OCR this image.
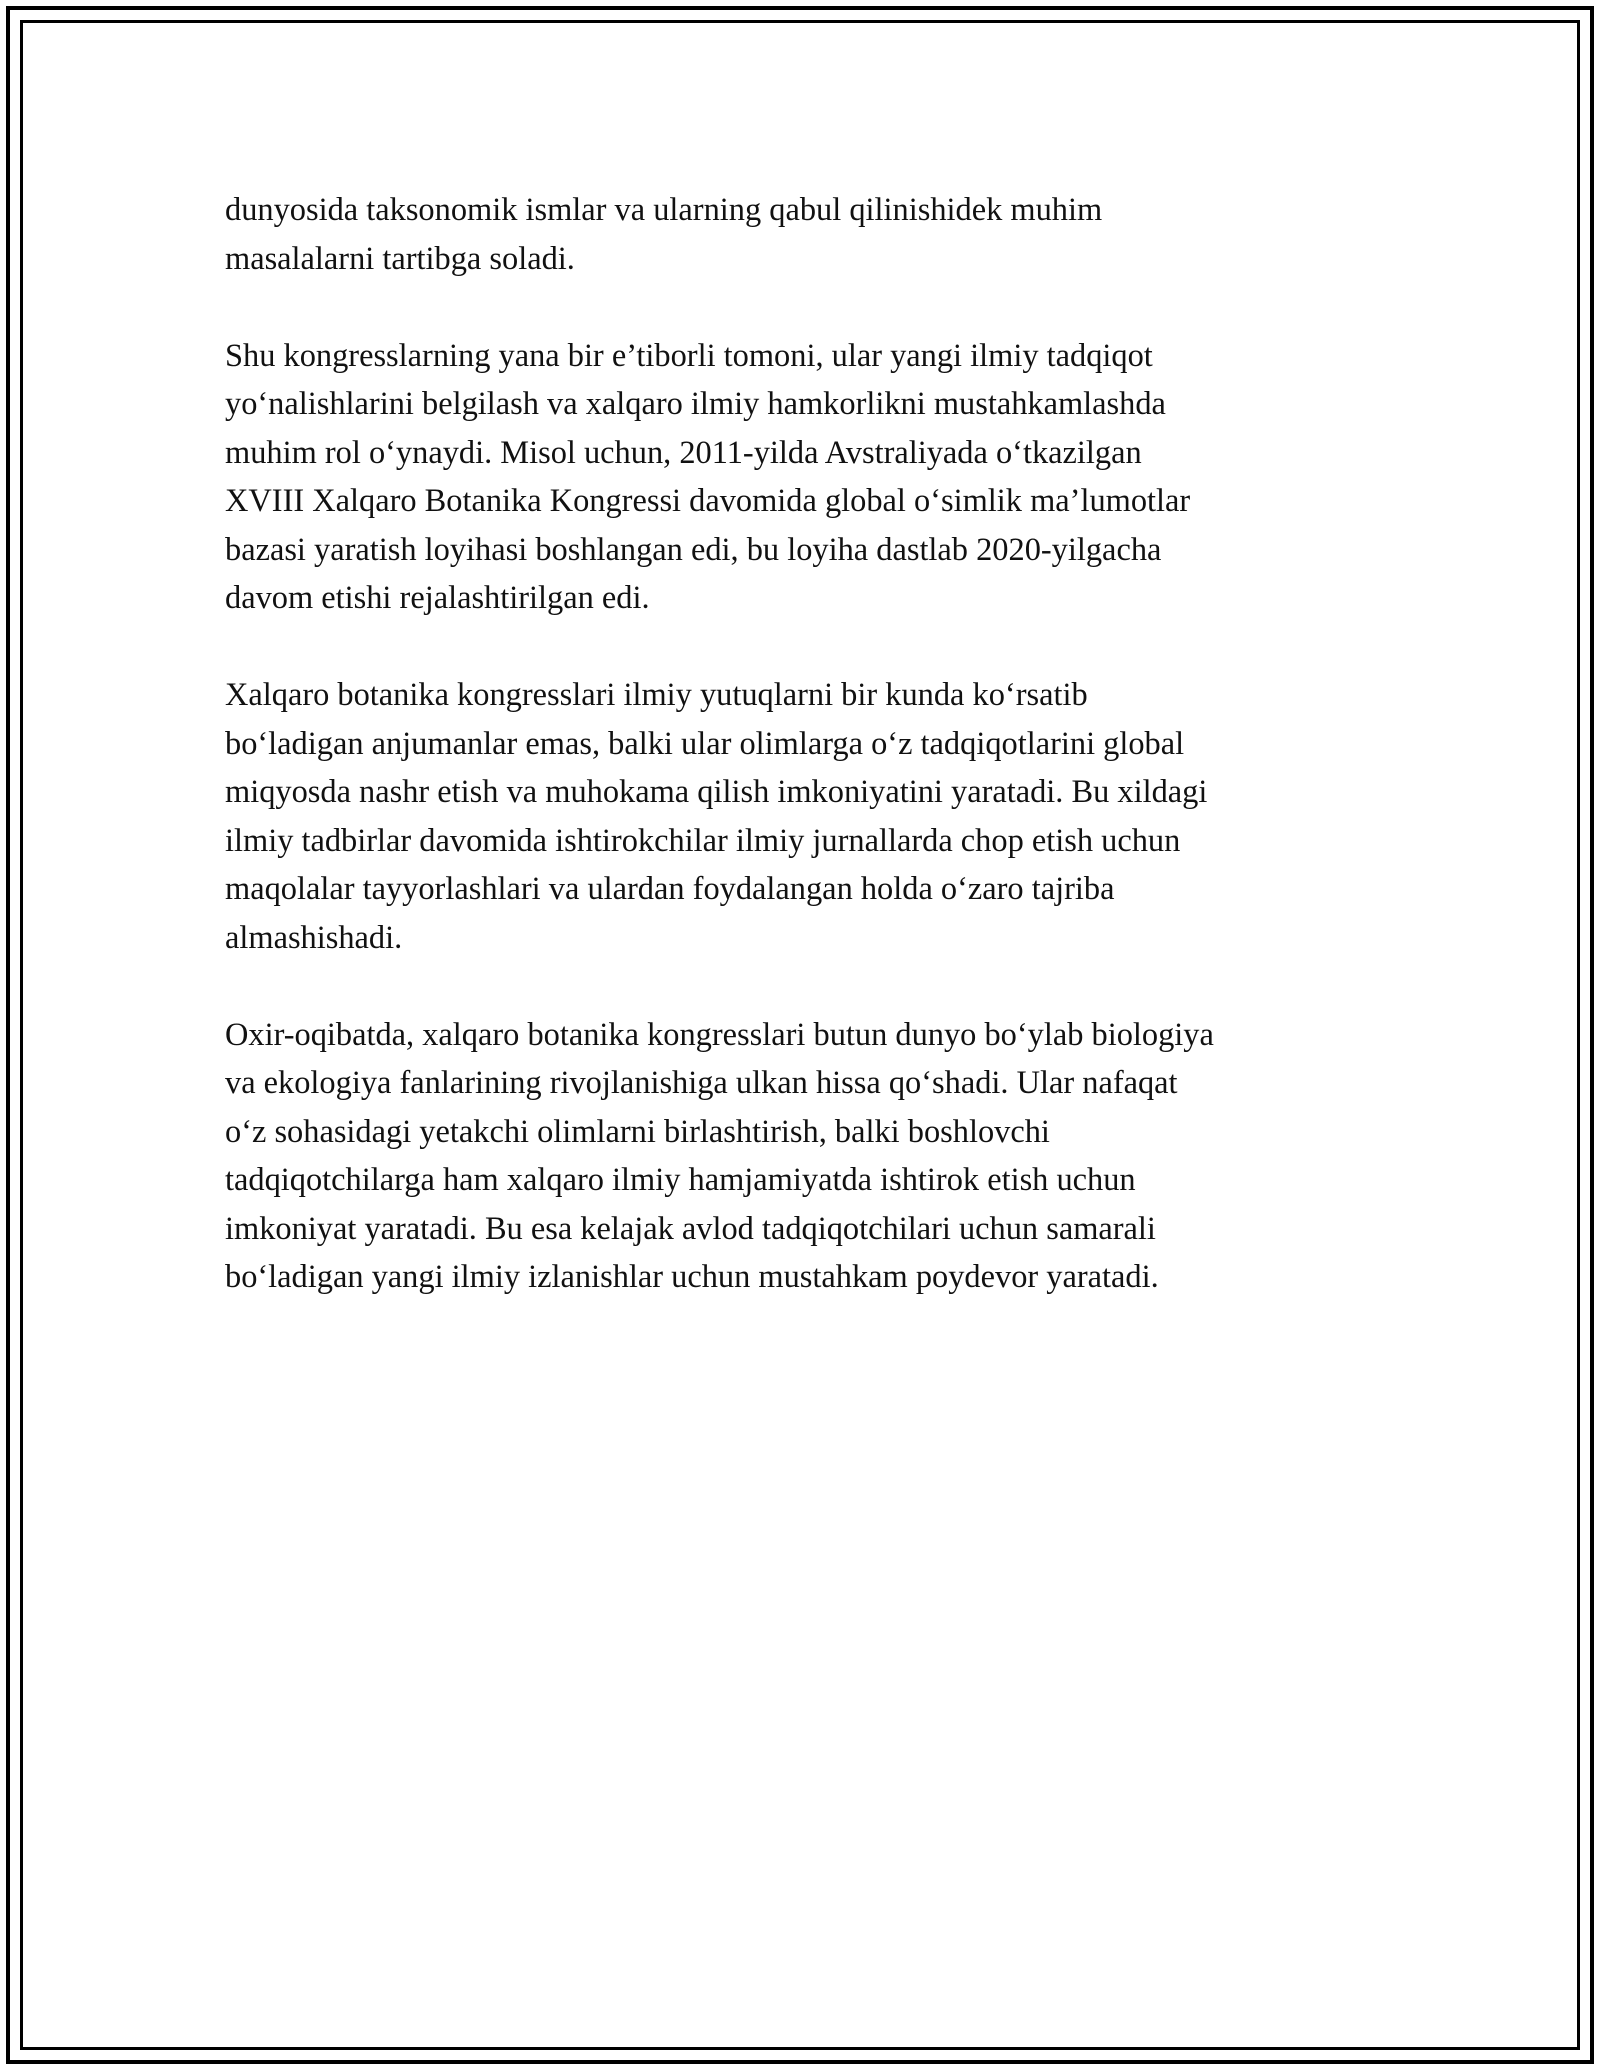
dunyosida taksonomik ismlar va ularning qabul qilinishidek muhim
masalalarni tartibga soladi.

Shu kongresslarning yana bir e’tiborli tomoni, ular yangi ilmiy tadqiqot
yo‘nalishlarini belgilash va xalqaro ilmiy hamkorlikni mustahkamlashda
muhim rol o‘ynaydi. Misol uchun, 2011-yilda Avstraliyada o‘tkazilgan
XVIII Xalqaro Botanika Kongressi davomida global o‘simlik ma’lumotlar
bazasi yaratish loyihasi boshlangan edi, bu loyiha dastlab 2020-yilgacha
davom etishi rejalashtirilgan edi.

Xalqaro botanika kongresslari ilmiy yutuqlarni bir kunda ko‘rsatib
bo‘ladigan anjumanlar emas, balki ular olimlarga o‘z tadqiqotlarini global
miqyosda nashr etish va muhokama qilish imkoniyatini yaratadi. Bu xildagi
ilmiy tadbirlar davomida ishtirokchilar ilmiy jurnallarda chop etish uchun
maqolalar tayyorlashlari va ulardan foydalangan holda o‘zaro tajriba
almashishadi.

Oxir-oqibatda, xalqaro botanika kongresslari butun dunyo bo‘ylab biologiya
va ekologiya fanlarining rivojlanishiga ulkan hissa qo‘shadi. Ular nafaqat
o‘z sohasidagi yetakchi olimlarni birlashtirish, balki boshlovchi
tadqiqotchilarga ham xalqaro ilmiy hamjamiyatda ishtirok etish uchun
imkoniyat yaratadi. Bu esa kelajak avlod tadqiqotchilari uchun samarali
bo‘ladigan yangi ilmiy izlanishlar uchun mustahkam poydevor yaratadi.
